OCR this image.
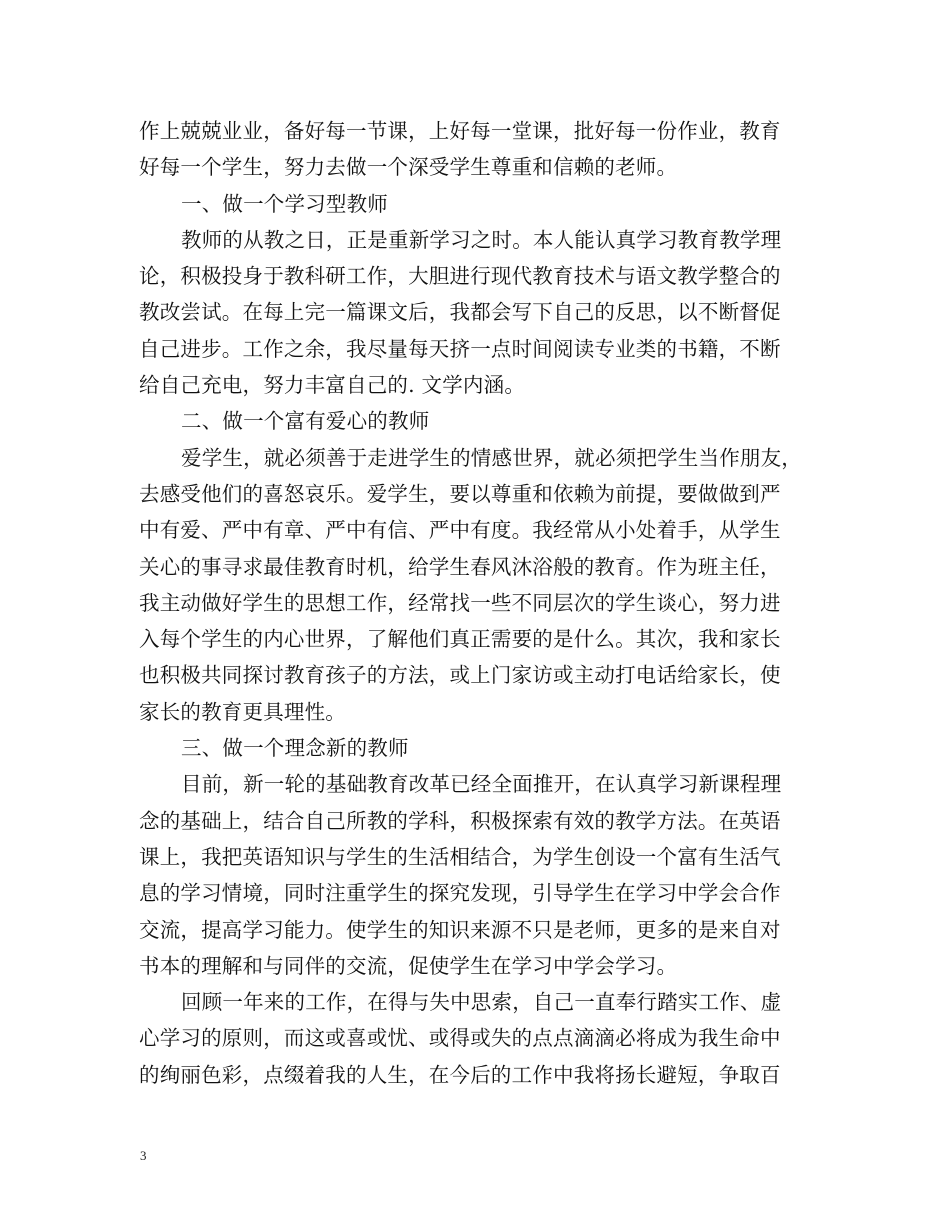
作上兢兢业业，备好每一节课，上好每一堂课，批好每一份作业，教育
好每一个学生，努力去做一个深受学生尊重和信赖的老师。
一、做一个学习型教师
教师的从教之日，正是重新学习之时。本人能认真学习教育教学理
论，积极投身于教科研工作，大胆进行现代教育技术与语文教学整合的
教改尝试。在每上完一篇课文后，我都会写下自己的反思，以不断督促
自己进步。工作之余，我尽量每天挤一点时间阅读专业类的书籍，不断
给自己充电，努力丰富自己的. 文学内涵。
二、做一个富有爱心的教师
爱学生，就必须善于走进学生的情感世界，就必须把学生当作朋友，
去感受他们的喜怒哀乐。爱学生，要以尊重和依赖为前提，要做做到严
中有爱、严中有章、严中有信、严中有度。我经常从小处着手，从学生
关心的事寻求最佳教育时机，给学生春风沐浴般的教育。作为班主任，
我主动做好学生的思想工作，经常找一些不同层次的学生谈心，努力进
入每个学生的内心世界，了解他们真正需要的是什么。其次，我和家长
也积极共同探讨教育孩子的方法，或上门家访或主动打电话给家长，使
家长的教育更具理性。
三、做一个理念新的教师
目前，新一轮的基础教育改革已经全面推开，在认真学习新课程理
念的基础上，结合自己所教的学科，积极探索有效的教学方法。在英语
课上，我把英语知识与学生的生活相结合，为学生创设一个富有生活气
息的学习情境，同时注重学生的探究发现，引导学生在学习中学会合作
交流，提高学习能力。使学生的知识来源不只是老师，更多的是来自对
书本的理解和与同伴的交流，促使学生在学习中学会学习。
回顾一年来的工作，在得与失中思索，自己一直奉行踏实工作、虚
心学习的原则，而这或喜或忧、或得或失的点点滴滴必将成为我生命中
的绚丽色彩，点缀着我的人生，在今后的工作中我将扬长避短，争取百
3
